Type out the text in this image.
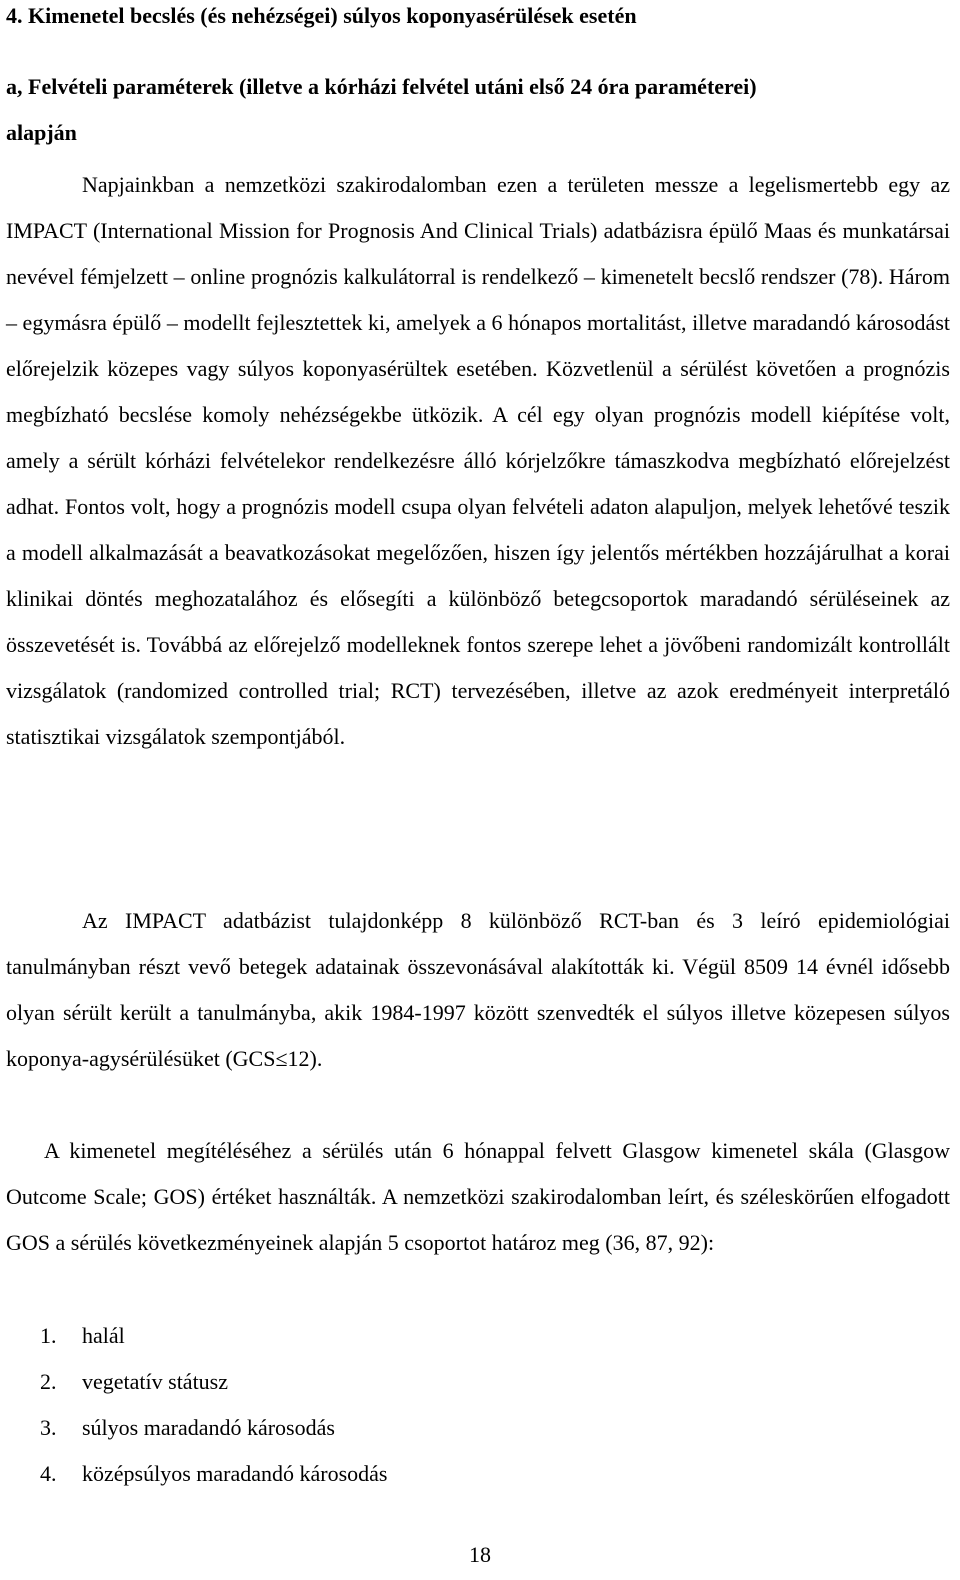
4. Kimenetel becslés (és nehézségei) súlyos koponyasérülések esetén
a, Felvételi paraméterek (illetve a kórházi felvétel utáni első 24 óra paraméterei)
alapján

Napjainkban a nemzetközi szakirodalomban ezen a területen messze a legelismertebb egy az IMPACT (International Mission for Prognosis And Clinical Trials) adatbázisra épülő Maas és munkatársai nevével fémjelzett – online prognózis kalkulátorral is rendelkező – kimenetelt becslő rendszer (78). Három – egymásra épülő – modellt fejlesztettek ki, amelyek a 6 hónapos mortalitást, illetve maradandó károsodást előrejelzik közepes vagy súlyos koponyasérültek esetében. Közvetlenül a sérülést követően a prognózis megbízható becslése komoly nehézségekbe ütközik. A cél egy olyan prognózis modell kiépítése volt, amely a sérült kórházi felvételekor rendelkezésre álló kórjelzőkre támaszkodva megbízható előrejelzést adhat. Fontos volt, hogy a prognózis modell csupa olyan felvételi adaton alapuljon, melyek lehetővé teszik a modell alkalmazását a beavatkozásokat megelőzően, hiszen így jelentős mértékben hozzájárulhat a korai klinikai döntés meghozatalához és elősegíti a különböző betegcsoportok maradandó sérüléseinek az összevetését is. Továbbá az előrejelző modelleknek fontos szerepe lehet a jövőbeni randomizált kontrollált vizsgálatok (randomized controlled trial; RCT) tervezésében, illetve az azok eredményeit interpretáló statisztikai vizsgálatok szempontjából.

Az IMPACT adatbázist tulajdonképp 8 különböző RCT-ban és 3 leíró epidemiológiai tanulmányban részt vevő betegek adatainak összevonásával alakították ki. Végül 8509 14 évnél idősebb olyan sérült került a tanulmányba, akik 1984-1997 között szenvedték el súlyos illetve közepesen súlyos koponya-agysérülésüket (GCS≤12).

A kimenetel megítéléséhez a sérülés után 6 hónappal felvett Glasgow kimenetel skála (Glasgow Outcome Scale; GOS) értéket használták. A nemzetközi szakirodalomban leírt, és széleskörűen elfogadott GOS a sérülés következményeinek alapján 5 csoportot határoz meg (36, 87, 92):

1. halál
2. vegetatív státusz
3. súlyos maradandó károsodás
4. középsúlyos maradandó károsodás
18
